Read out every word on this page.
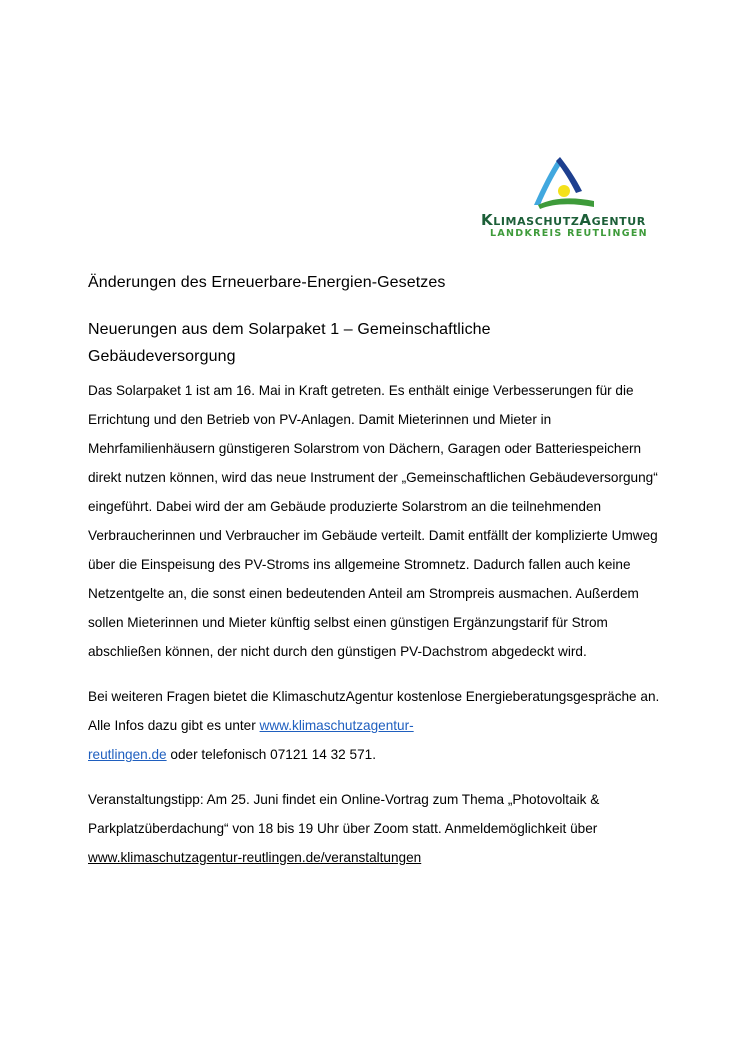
KlimaschutzAgentur
LANDKREIS REUTLINGEN
Änderungen des Erneuerbare-Energien-Gesetzes
Neuerungen aus dem Solarpaket 1 – Gemeinschaftliche
Gebäudeversorgung

Das Solarpaket 1 ist am 16. Mai in Kraft getreten. Es enthält einige Verbesserungen für die Errichtung und den Betrieb von PV-Anlagen. Damit Mieterinnen und Mieter in Mehrfamilienhäusern günstigeren Solarstrom von Dächern, Garagen oder Batteriespeichern direkt nutzen können, wird das neue Instrument der „Gemeinschaftlichen Gebäudeversorgung“ eingeführt. Dabei wird der am Gebäude produzierte Solarstrom an die teilnehmenden Verbraucherinnen und Verbraucher im Gebäude verteilt. Damit entfällt der komplizierte Umweg über die Einspeisung des PV-Stroms ins allgemeine Stromnetz. Dadurch fallen auch keine Netzentgelte an, die sonst einen bedeutenden Anteil am Strompreis ausmachen. Außerdem sollen Mieterinnen und Mieter künftig selbst einen günstigen Ergänzungstarif für Strom abschließen können, der nicht durch den günstigen PV-Dachstrom abgedeckt wird.

Bei weiteren Fragen bietet die KlimaschutzAgentur kostenlose Energieberatungsgespräche an. Alle Infos dazu gibt es unter www.klimaschutzagentur-
reutlingen.de oder telefonisch 07121 14 32 571.

Veranstaltungstipp: Am 25. Juni findet ein Online-Vortrag zum Thema „Photovoltaik & Parkplatzüberdachung“ von 18 bis 19 Uhr über Zoom statt. Anmeldemöglichkeit über www.klimaschutzagentur-reutlingen.de/veranstaltungen
